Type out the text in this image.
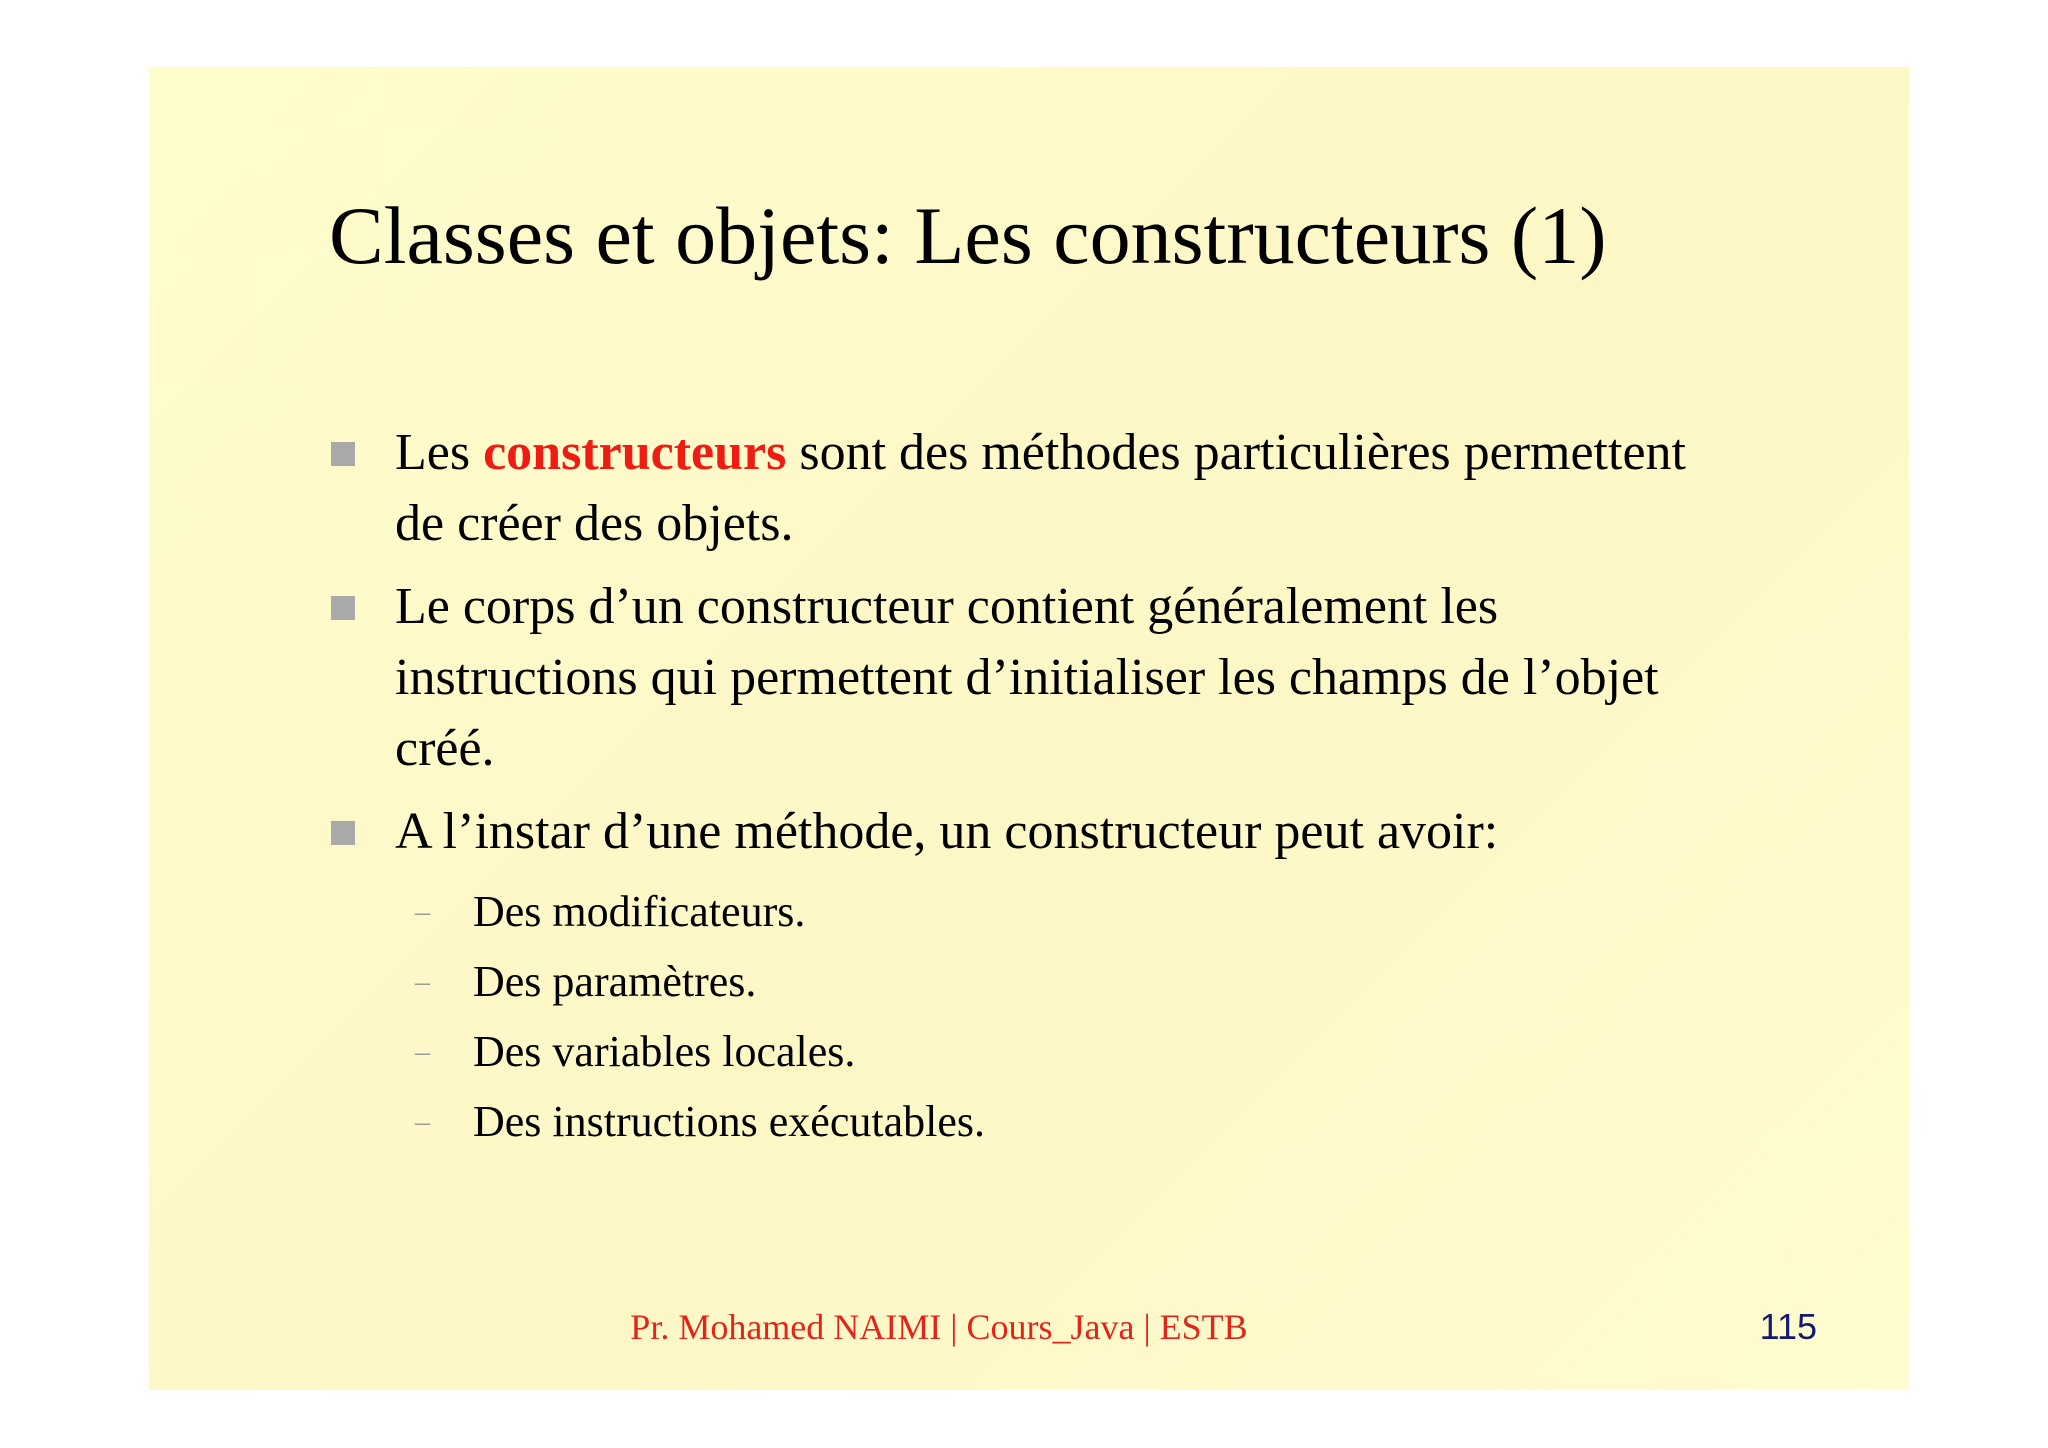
Classes et objets: Les constructeurs (1)
Les constructeurs sont des méthodes particulières permettent de créer des objets.
Le corps d’un constructeur contient généralement les instructions qui permettent d’initialiser les champs de l’objet créé.
A l’instar d’une méthode, un constructeur peut avoir:
– Des modificateurs.
– Des paramètres.
– Des variables locales.
– Des instructions exécutables.
Pr. Mohamed NAIMI | Cours_Java | ESTB	115
